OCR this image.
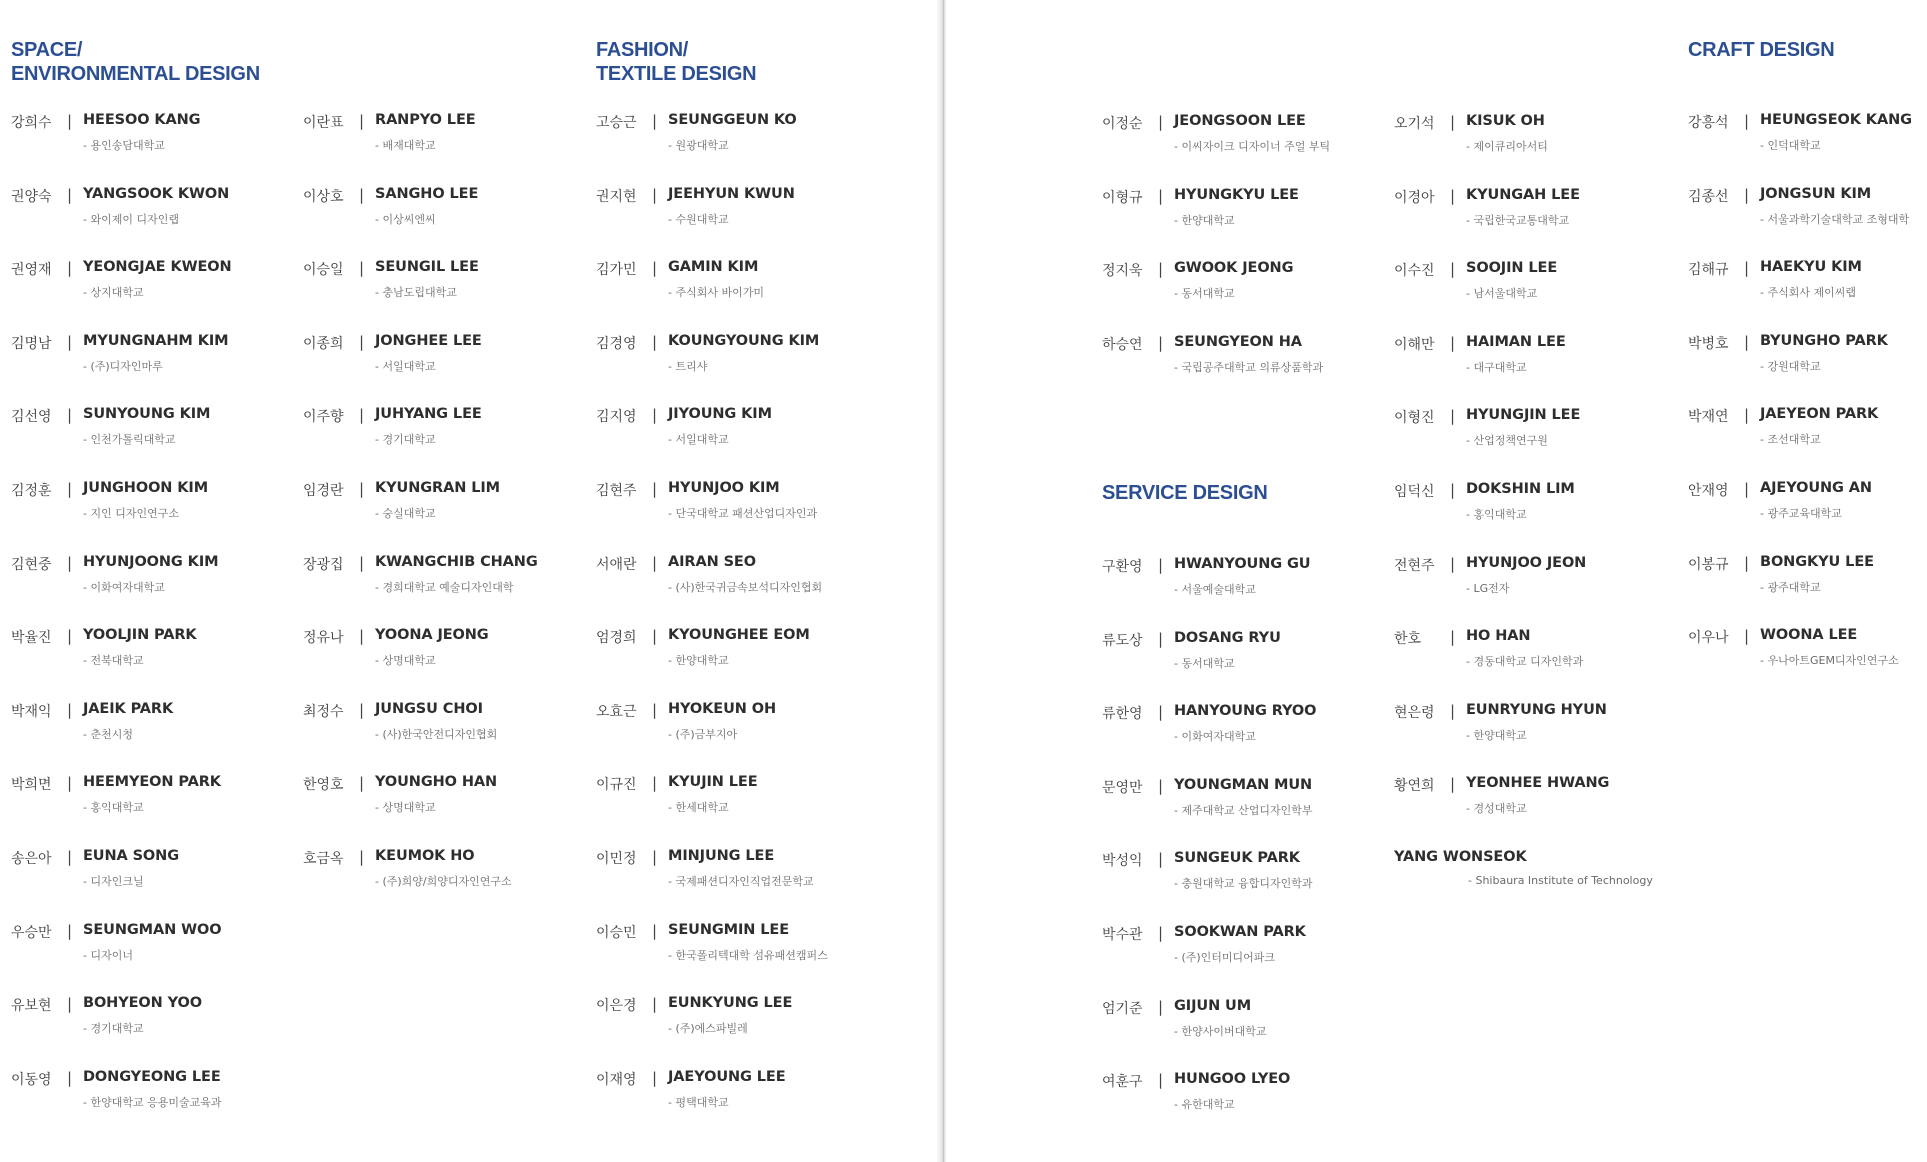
SPACE/
ENVIRONMENTAL DESIGN
FASHION/
TEXTILE DESIGN
강희수 | HEESOO KANG
- 용인송담대학교
권양숙 | YANGSOOK KWON
- 와이제이 디자인랩
권영재 | YEONGJAE KWEON
- 상지대학교
김명남 | MYUNGNAHM KIM
- (주)디자인마루
김선영 | SUNYOUNG KIM
- 인천가톨릭대학교
김정훈 | JUNGHOON KIM
- 지인 디자인연구소
김현중 | HYUNJOONG KIM
- 이화여자대학교
박율진 | YOOLJIN PARK
- 전북대학교
박재익 | JAEIK PARK
- 춘천시청
박희면 | HEEMYEON PARK
- 홍익대학교
송은아 | EUNA SONG
- 디자인크닐
우승만 | SEUNGMAN WOO
- 디자이너
유보현 | BOHYEON YOO
- 경기대학교
이동영 | DONGYEONG LEE
- 한양대학교 응용미술교육과
이란표 | RANPYO LEE
- 배재대학교
이상호 | SANGHO LEE
- 이상씨엔씨
이승일 | SEUNGIL LEE
- 충남도립대학교
이종희 | JONGHEE LEE
- 서일대학교
이주향 | JUHYANG LEE
- 경기대학교
임경란 | KYUNGRAN LIM
- 숭실대학교
장광집 | KWANGCHIB CHANG
- 경희대학교 예술디자인대학
정유나 | YOONA JEONG
- 상명대학교
최정수 | JUNGSU CHOI
- (사)한국안전디자인협회
한영호 | YOUNGHO HAN
- 상명대학교
호금옥 | KEUMOK HO
- (주)희양/희양디자인연구소
고승근 | SEUNGGEUN KO
- 원광대학교
권지현 | JEEHYUN KWUN
- 수원대학교
김가민 | GAMIN KIM
- 주식회사 바이가미
김경영 | KOUNGYOUNG KIM
- 트리샤
김지영 | JIYOUNG KIM
- 서일대학교
김현주 | HYUNJOO KIM
- 단국대학교 패션산업디자인과
서애란 | AIRAN SEO
- (사)한국귀금속보석디자인협회
엄경희 | KYOUNGHEE EOM
- 한양대학교
오효근 | HYOKEUN OH
- (주)금부지아
이규진 | KYUJIN LEE
- 한세대학교
이민정 | MINJUNG LEE
- 국제패션디자인직업전문학교
이승민 | SEUNGMIN LEE
- 한국폴리텍대학 섬유패션캠퍼스
이은경 | EUNKYUNG LEE
- (주)에스파빌레
이재영 | JAEYOUNG LEE
- 평택대학교
SERVICE DESIGN
CRAFT DESIGN
이정순 | JEONGSOON LEE
- 이씨자이크 디자이너 주얼 부틱
이형규 | HYUNGKYU LEE
- 한양대학교
정지욱 | GWOOK JEONG
- 동서대학교
하승연 | SEUNGYEON HA
- 국립공주대학교 의류상품학과
구환영 | HWANYOUNG GU
- 서울예술대학교
류도상 | DOSANG RYU
- 동서대학교
류한영 | HANYOUNG RYOO
- 이화여자대학교
문영만 | YOUNGMAN MUN
- 제주대학교 산업디자인학부
박성익 | SUNGEUK PARK
- 충원대학교 융합디자인학과
박수관 | SOOKWAN PARK
- (주)인터미디어파크
엄기준 | GIJUN UM
- 한양사이버대학교
여훈구 | HUNGOO LYEO
- 유한대학교
오기석 | KISUK OH
- 제이큐리아서티
이경아 | KYUNGAH LEE
- 국립한국교통대학교
이수진 | SOOJIN LEE
- 남서울대학교
이해만 | HAIMAN LEE
- 대구대학교
이형진 | HYUNGJIN LEE
- 산업정책연구원
임덕신 | DOKSHIN LIM
- 홍익대학교
전현주 | HYUNJOO JEON
- LG전자
한호 | HO HAN
- 경동대학교 디자인학과
현은령 | EUNRYUNG HYUN
- 한양대학교
황연희 | YEONHEE HWANG
- 경성대학교
YANG WONSEOK
- Shibaura Institute of Technology
강흥석 | HEUNGSEOK KANG
- 인덕대학교
김종선 | JONGSUN KIM
- 서울과학기술대학교 조형대학
김해규 | HAEKYU KIM
- 주식회사 제이씨랩
박병호 | BYUNGHO PARK
- 강원대학교
박재연 | JAEYEON PARK
- 조선대학교
안재영 | AJEYOUNG AN
- 광주교육대학교
이봉규 | BONGKYU LEE
- 광주대학교
이우나 | WOONA LEE
- 우나아트GEM디자인연구소
